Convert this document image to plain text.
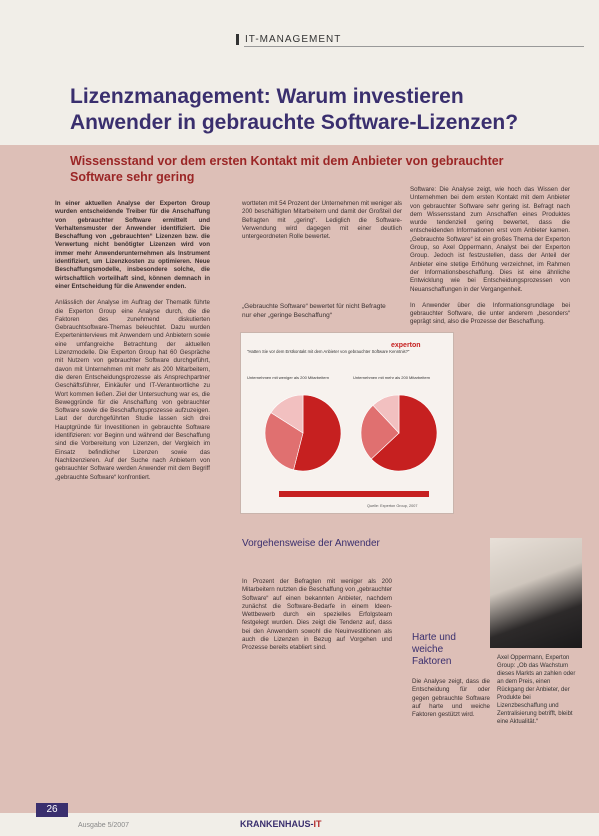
IT-MANAGEMENT
Lizenzmanagement: Warum investieren Anwender in gebrauchte Software-Lizenzen?
Wissensstand vor dem ersten Kontakt mit dem Anbieter von gebrauchter Software sehr gering

In einer aktuellen Analyse der Experton Group wurden entscheidende Treiber für die Anschaffung von gebrauchter Software ermittelt und Verhaltensmuster der Anwender identifiziert. Die Beschaffung von „gebrauchten“ Lizenzen bzw. die Verwertung nicht benötigter Lizenzen wird von immer mehr Anwenderunternehmen als Instrument identifiziert, um Lizenzkosten zu optimieren. Neue Beschaffungsmodelle, insbesondere solche, die wirtschaftlich vorteilhaft sind, können demnach in einer Entscheidung für die Anwender enden.

Anlässlich der Analyse im Auftrag der Thematik führte die Experton Group eine Analyse durch, die die Faktoren des zunehmend diskutierten Gebrauchtsoftware-Themas beleuchtet. Dazu wurden Experteninterviews mit Anwendern und Anbietern sowie eine umfangreiche Betrachtung der aktuellen Lizenzmodelle. Die Experton Group hat 60 Gespräche mit Nutzern von gebrauchter Software durchgeführt, davon mit Unternehmen mit mehr als 200 Mitarbeitern, die deren Entscheidungsprozesse als Ansprechpartner Geschäftsführer, Einkäufer und IT-Verantwortliche zu Wort kommen ließen. Ziel der Untersuchung war es, die Beweggründe für die Anschaffung von gebrauchter Software sowie die Beschaffungsprozesse aufzuzeigen. Laut der durchgeführten Studie lassen sich drei Hauptgründe für Investitionen in gebrauchte Software identifizieren: vor Beginn und während der Beschaffung sind die Vorbereitung von Lizenzen, der Vergleich im Einsatz befindlicher Lizenzen sowie das Nachlizenzieren. Auf der Suche nach Anbietern von gebrauchter Software werden Anwender mit dem Begriff „gebrauchte Software“ konfrontiert.

wortteten mit 54 Prozent der Unternehmen mit weniger als 200 beschäftigten Mitarbeitern und damit der Großteil der Befragten mit „gering“. Lediglich die Software-Verwendung wird dagegen mit einer deutlich untergeordneten Rolle bewertet.

„Gebrauchte Software“ bewertet für nicht Befragte nur eher „geringe Beschaffung“
experton
"Hatten Sie vor dem Erstkontakt mit dem Anbieter von gebrauchter Software Kenntnis?"
Unternehmen mit weniger als 200 Mitarbeitern	Unternehmen mit mehr als 200 Mitarbeitern
Quelle: Experton Group, 2007
Vorgehensweise der Anwender

In Prozent der Befragten mit weniger als 200 Mitarbeitern nutzten die Beschaffung von „gebrauchter Software“ auf einen bekannten Anbieter, nachdem zunächst die Software-Bedarfe in einem Ideen-Wettbewerb durch ein spezielles Erfolgsteam festgelegt wurden. Dies zeigt die Tendenz auf, dass bei den Anwendern sowohl die Neuinvestitionen als auch die Lizenzen in Bezug auf Vorgehen und Prozesse bereits etabliert sind.

Software: Die Analyse zeigt, wie hoch das Wissen der Unternehmen bei dem ersten Kontakt mit dem Anbieter von gebrauchter Software sehr gering ist. Befragt nach dem Wissensstand zum Anschaffen eines Produktes wurde tendenziell gering bewertet, dass die entscheidenden Informationen erst vom Anbieter kamen. „Gebrauchte Software“ ist ein großes Thema der Experton Group, so Axel Oppermann, Analyst bei der Experton Group. Jedoch ist festzustellen, dass der Anteil der Anbieter eine stetige Erhöhung verzeichnet, im Rahmen der Informationsbeschaffung. Dies ist eine ähnliche Entwicklung wie bei Entscheidungsprozessen von Neuanschaffungen in der Vergangenheit.

In Anwender über die Informationsgrundlage bei gebrauchter Software, die unter anderem „besonders“ geprägt sind, also die Prozesse der Beschaffung.

Harte und weiche Faktoren

Die Analyse zeigt, dass die Entscheidung für oder gegen gebrauchte Software auf harte und weiche Faktoren gestützt wird.

Axel Oppermann, Experton Group: „Ob das Wachstum dieses Markts an zahlen oder an dem Preis, einen Rückgang der Anbieter, der Produkte bei Lizenzbeschaffung und Zentralisierung betrifft, bleibt eine Aktualität.“
26
Ausgabe 5/2007	KRANKENHAUS-IT
